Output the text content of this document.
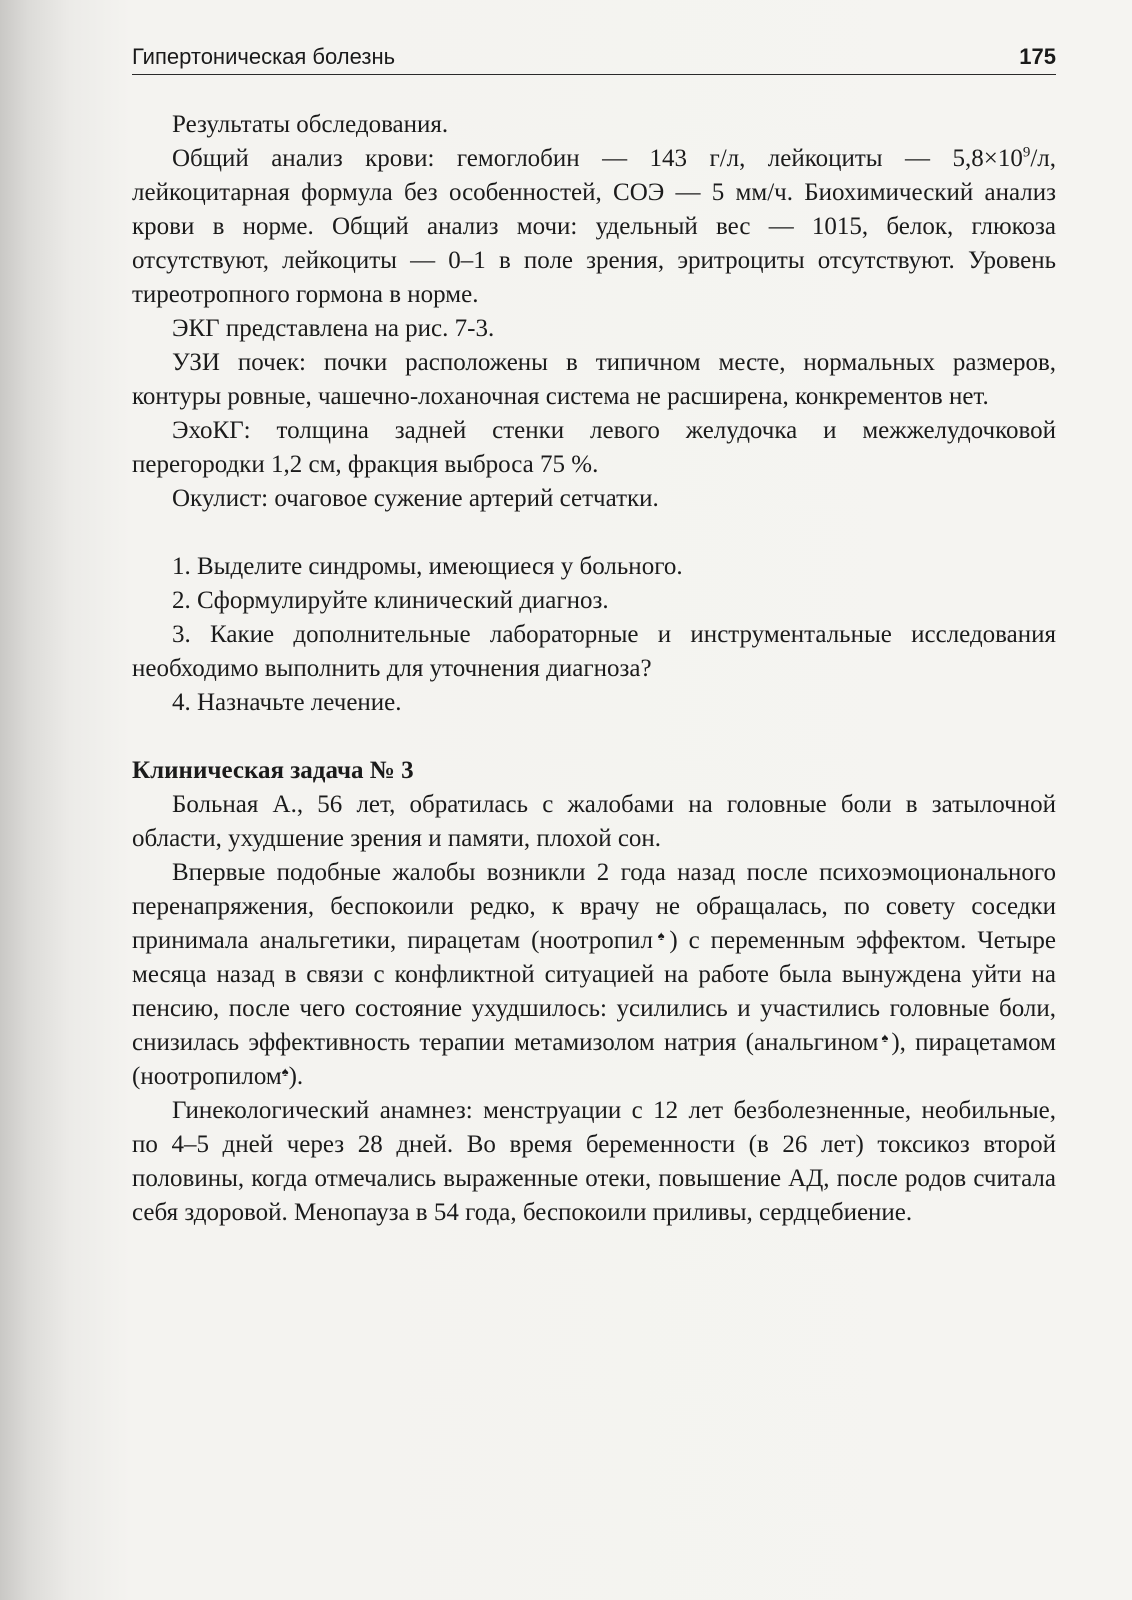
Гипертоническая болезнь	175

Результаты обследования.

Общий анализ крови: гемоглобин — 143 г/л, лейкоциты — $5,8\times 10^9/л$, лейкоцитарная формула без особенностей, СОЭ — 5 мм/ч. Биохимический анализ крови в норме. Общий анализ мочи: удельный вес — 1015, белок, глюкоза отсутствуют, лейкоциты — 0–1 в поле зрения, эритроциты отсутствуют. Уровень тиреотропного гормона в норме.

ЭКГ представлена на рис. 7-3.

УЗИ почек: почки расположены в типичном месте, нормальных размеров, контуры ровные, чашечно-лоханочная система не расширена, конкрементов нет.

ЭхоКГ: толщина задней стенки левого желудочка и межжелудочковой перегородки 1,2 см, фракция выброса 75 %.

Окулист: очаговое сужение артерий сетчатки.

1. Выделите синдромы, имеющиеся у больного.

2. Сформулируйте клинический диагноз.

3. Какие дополнительные лабораторные и инструментальные исследования необходимо выполнить для уточнения диагноза?

4. Назначьте лечение.

Клиническая задача № 3

Больная А., 56 лет, обратилась с жалобами на головные боли в затылочной области, ухудшение зрения и памяти, плохой сон.

Впервые подобные жалобы возникли 2 года назад после психоэмоционального перенапряжения, беспокоили редко, к врачу не обращалась, по совету соседки принимала анальгетики, пирацетам (ноотропил♠) с переменным эффектом. Четыре месяца назад в связи с конфликтной ситуацией на работе была вынуждена уйти на пенсию, после чего состояние ухудшилось: усилились и участились головные боли, снизилась эффективность терапии метамизолом натрия (анальгином♠), пирацетамом (ноотропилом♠).

Гинекологический анамнез: менструации с 12 лет безболезненные, необильные, по 4–5 дней через 28 дней. Во время беременности (в 26 лет) токсикоз второй половины, когда отмечались выраженные отеки, повышение АД, после родов считала себя здоровой. Менопауза в 54 года, беспокоили приливы, сердцебиение.
